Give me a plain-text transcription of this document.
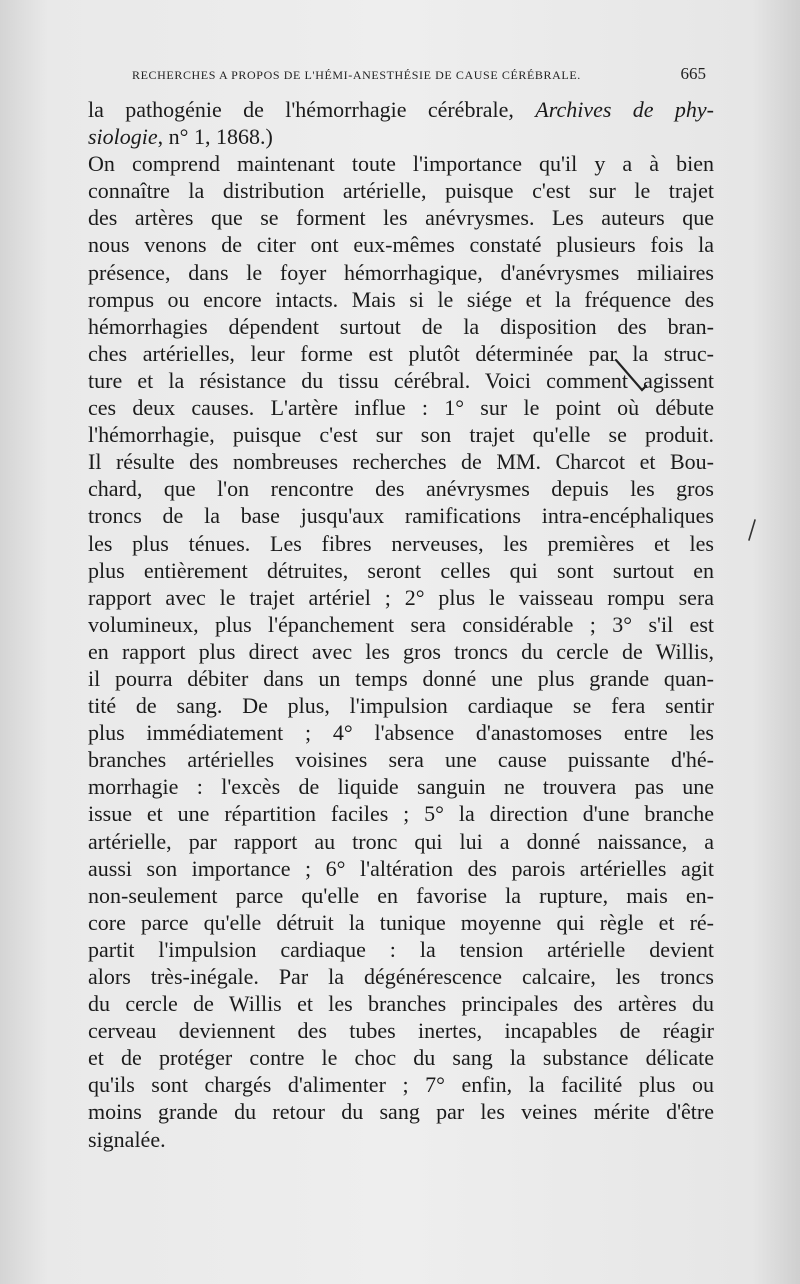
RECHERCHES A PROPOS DE L'HÉMI-ANESTHÉSIE DE CAUSE CÉRÉBRALE.	665
la pathogénie de l'hémorrhagie cérébrale, Archives de phy-
siologie, n° 1, 1868.)
On comprend maintenant toute l'importance qu'il y a à bien
connaître la distribution artérielle, puisque c'est sur le trajet
des artères que se forment les anévrysmes. Les auteurs que
nous venons de citer ont eux-mêmes constaté plusieurs fois la
présence, dans le foyer hémorrhagique, d'anévrysmes miliaires
rompus ou encore intacts. Mais si le siége et la fréquence des
hémorrhagies dépendent surtout de la disposition des bran-
ches artérielles, leur forme est plutôt déterminée par la struc-
ture et la résistance du tissu cérébral. Voici comment agissent
ces deux causes. L'artère influe : 1° sur le point où débute
l'hémorrhagie, puisque c'est sur son trajet qu'elle se produit.
Il résulte des nombreuses recherches de MM. Charcot et Bou-
chard, que l'on rencontre des anévrysmes depuis les gros
troncs de la base jusqu'aux ramifications intra-encéphaliques
les plus ténues. Les fibres nerveuses, les premières et les
plus entièrement détruites, seront celles qui sont surtout en
rapport avec le trajet artériel ; 2° plus le vaisseau rompu sera
volumineux, plus l'épanchement sera considérable ; 3° s'il est
en rapport plus direct avec les gros troncs du cercle de Willis,
il pourra débiter dans un temps donné une plus grande quan-
tité de sang. De plus, l'impulsion cardiaque se fera sentir
plus immédiatement ; 4° l'absence d'anastomoses entre les
branches artérielles voisines sera une cause puissante d'hé-
morrhagie : l'excès de liquide sanguin ne trouvera pas une
issue et une répartition faciles ; 5° la direction d'une branche
artérielle, par rapport au tronc qui lui a donné naissance, a
aussi son importance ; 6° l'altération des parois artérielles agit
non-seulement parce qu'elle en favorise la rupture, mais en-
core parce qu'elle détruit la tunique moyenne qui règle et ré-
partit l'impulsion cardiaque : la tension artérielle devient
alors très-inégale. Par la dégénérescence calcaire, les troncs
du cercle de Willis et les branches principales des artères du
cerveau deviennent des tubes inertes, incapables de réagir
et de protéger contre le choc du sang la substance délicate
qu'ils sont chargés d'alimenter ; 7° enfin, la facilité plus ou
moins grande du retour du sang par les veines mérite d'être
signalée.
